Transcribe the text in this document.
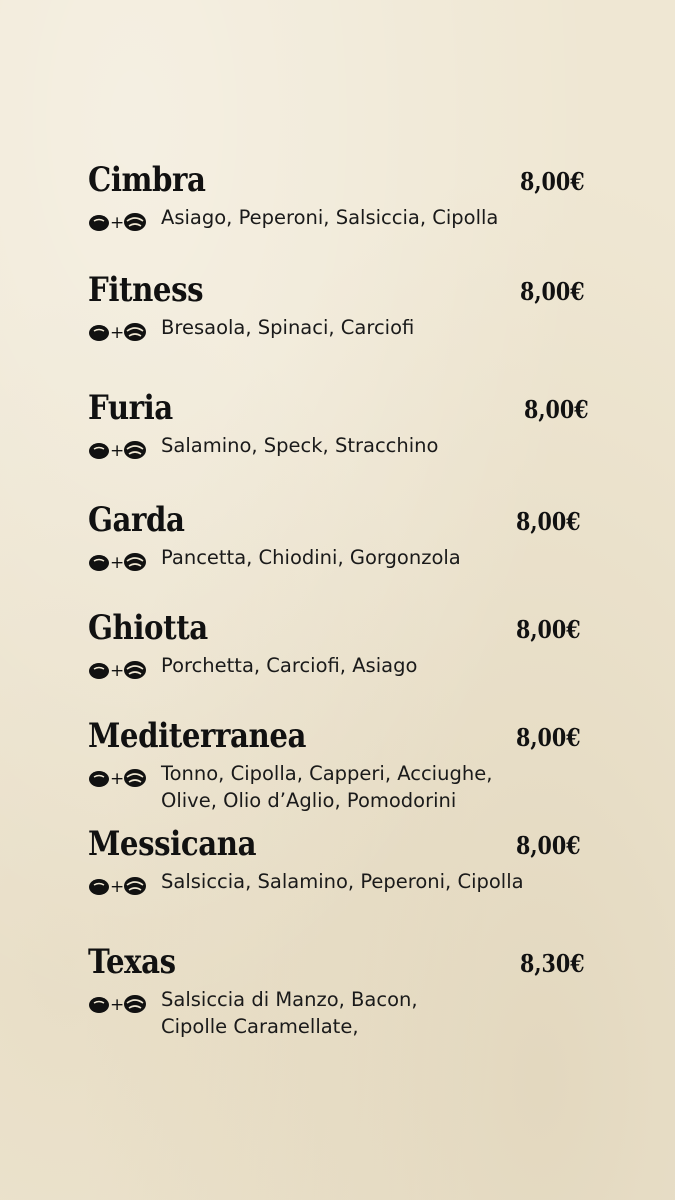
Cimbra	8,00€
+ Asiago, Peperoni, Salsiccia, Cipolla
Fitness	8,00€
+ Bresaola, Spinaci, Carciofi
Furia	8,00€
+ Salamino, Speck, Stracchino
Garda	8,00€
+ Pancetta, Chiodini, Gorgonzola
Ghiotta	8,00€
+ Porchetta, Carciofi, Asiago
Mediterranea	8,00€
+ Tonno, Cipolla, Capperi, Acciughe,
Olive, Olio d’Aglio, Pomodorini
Messicana	8,00€
+ Salsiccia, Salamino, Peperoni, Cipolla
Texas	8,30€
+ Salsiccia di Manzo, Bacon,
Cipolle Caramellate,
